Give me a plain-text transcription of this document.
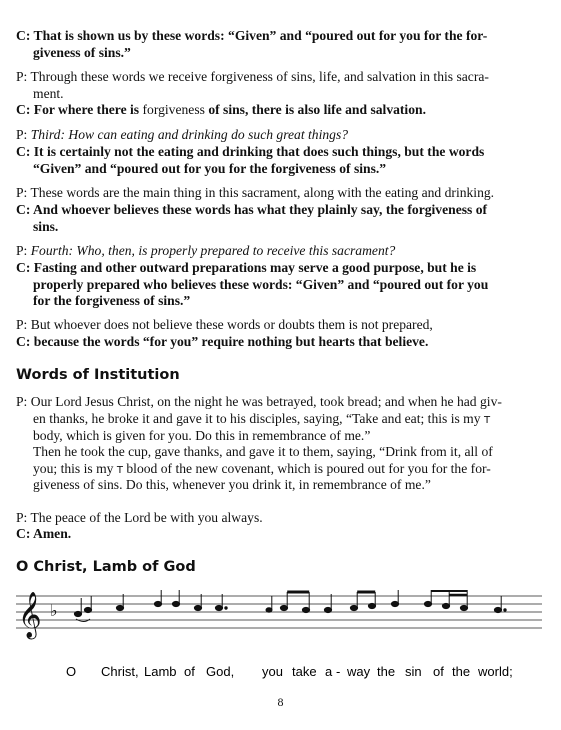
C: That is shown us by these words: “Given” and “poured out for you for the for-
giveness of sins.”
P: Through these words we receive forgiveness of sins, life, and salvation in this sacra-
ment.
C: For where there is forgiveness of sins, there is also life and salvation.
P: Third: How can eating and drinking do such great things?
C: It is certainly not the eating and drinking that does such things, but the words
“Given” and “poured out for you for the forgiveness of sins.”
P: These words are the main thing in this sacrament, along with the eating and drinking.
C: And whoever believes these words has what they plainly say, the forgiveness of
sins.
P: Fourth: Who, then, is properly prepared to receive this sacrament?
C: Fasting and other outward preparations may serve a good purpose, but he is
properly prepared who believes these words: “Given” and “poured out for you
for the forgiveness of sins.”
P: But whoever does not believe these words or doubts them is not prepared,
C: because the words “for you” require nothing but hearts that believe.
Words of Institution
P: Our Lord Jesus Christ, on the night he was betrayed, took bread; and when he had giv-
en thanks, he broke it and gave it to his disciples, saying, “Take and eat; this is my T
body, which is given for you. Do this in remembrance of me.”
Then he took the cup, gave thanks, and gave it to them, saying, “Drink from it, all of
you; this is my T blood of the new covenant, which is poured out for you for the for-
giveness of sins. Do this, whenever you drink it, in remembrance of me.”
P: The peace of the Lord be with you always.
C: Amen.
O Christ, Lamb of God
𝄞 ♭
O Christ, Lamb of God, you take a - way the sin of the world;
8
